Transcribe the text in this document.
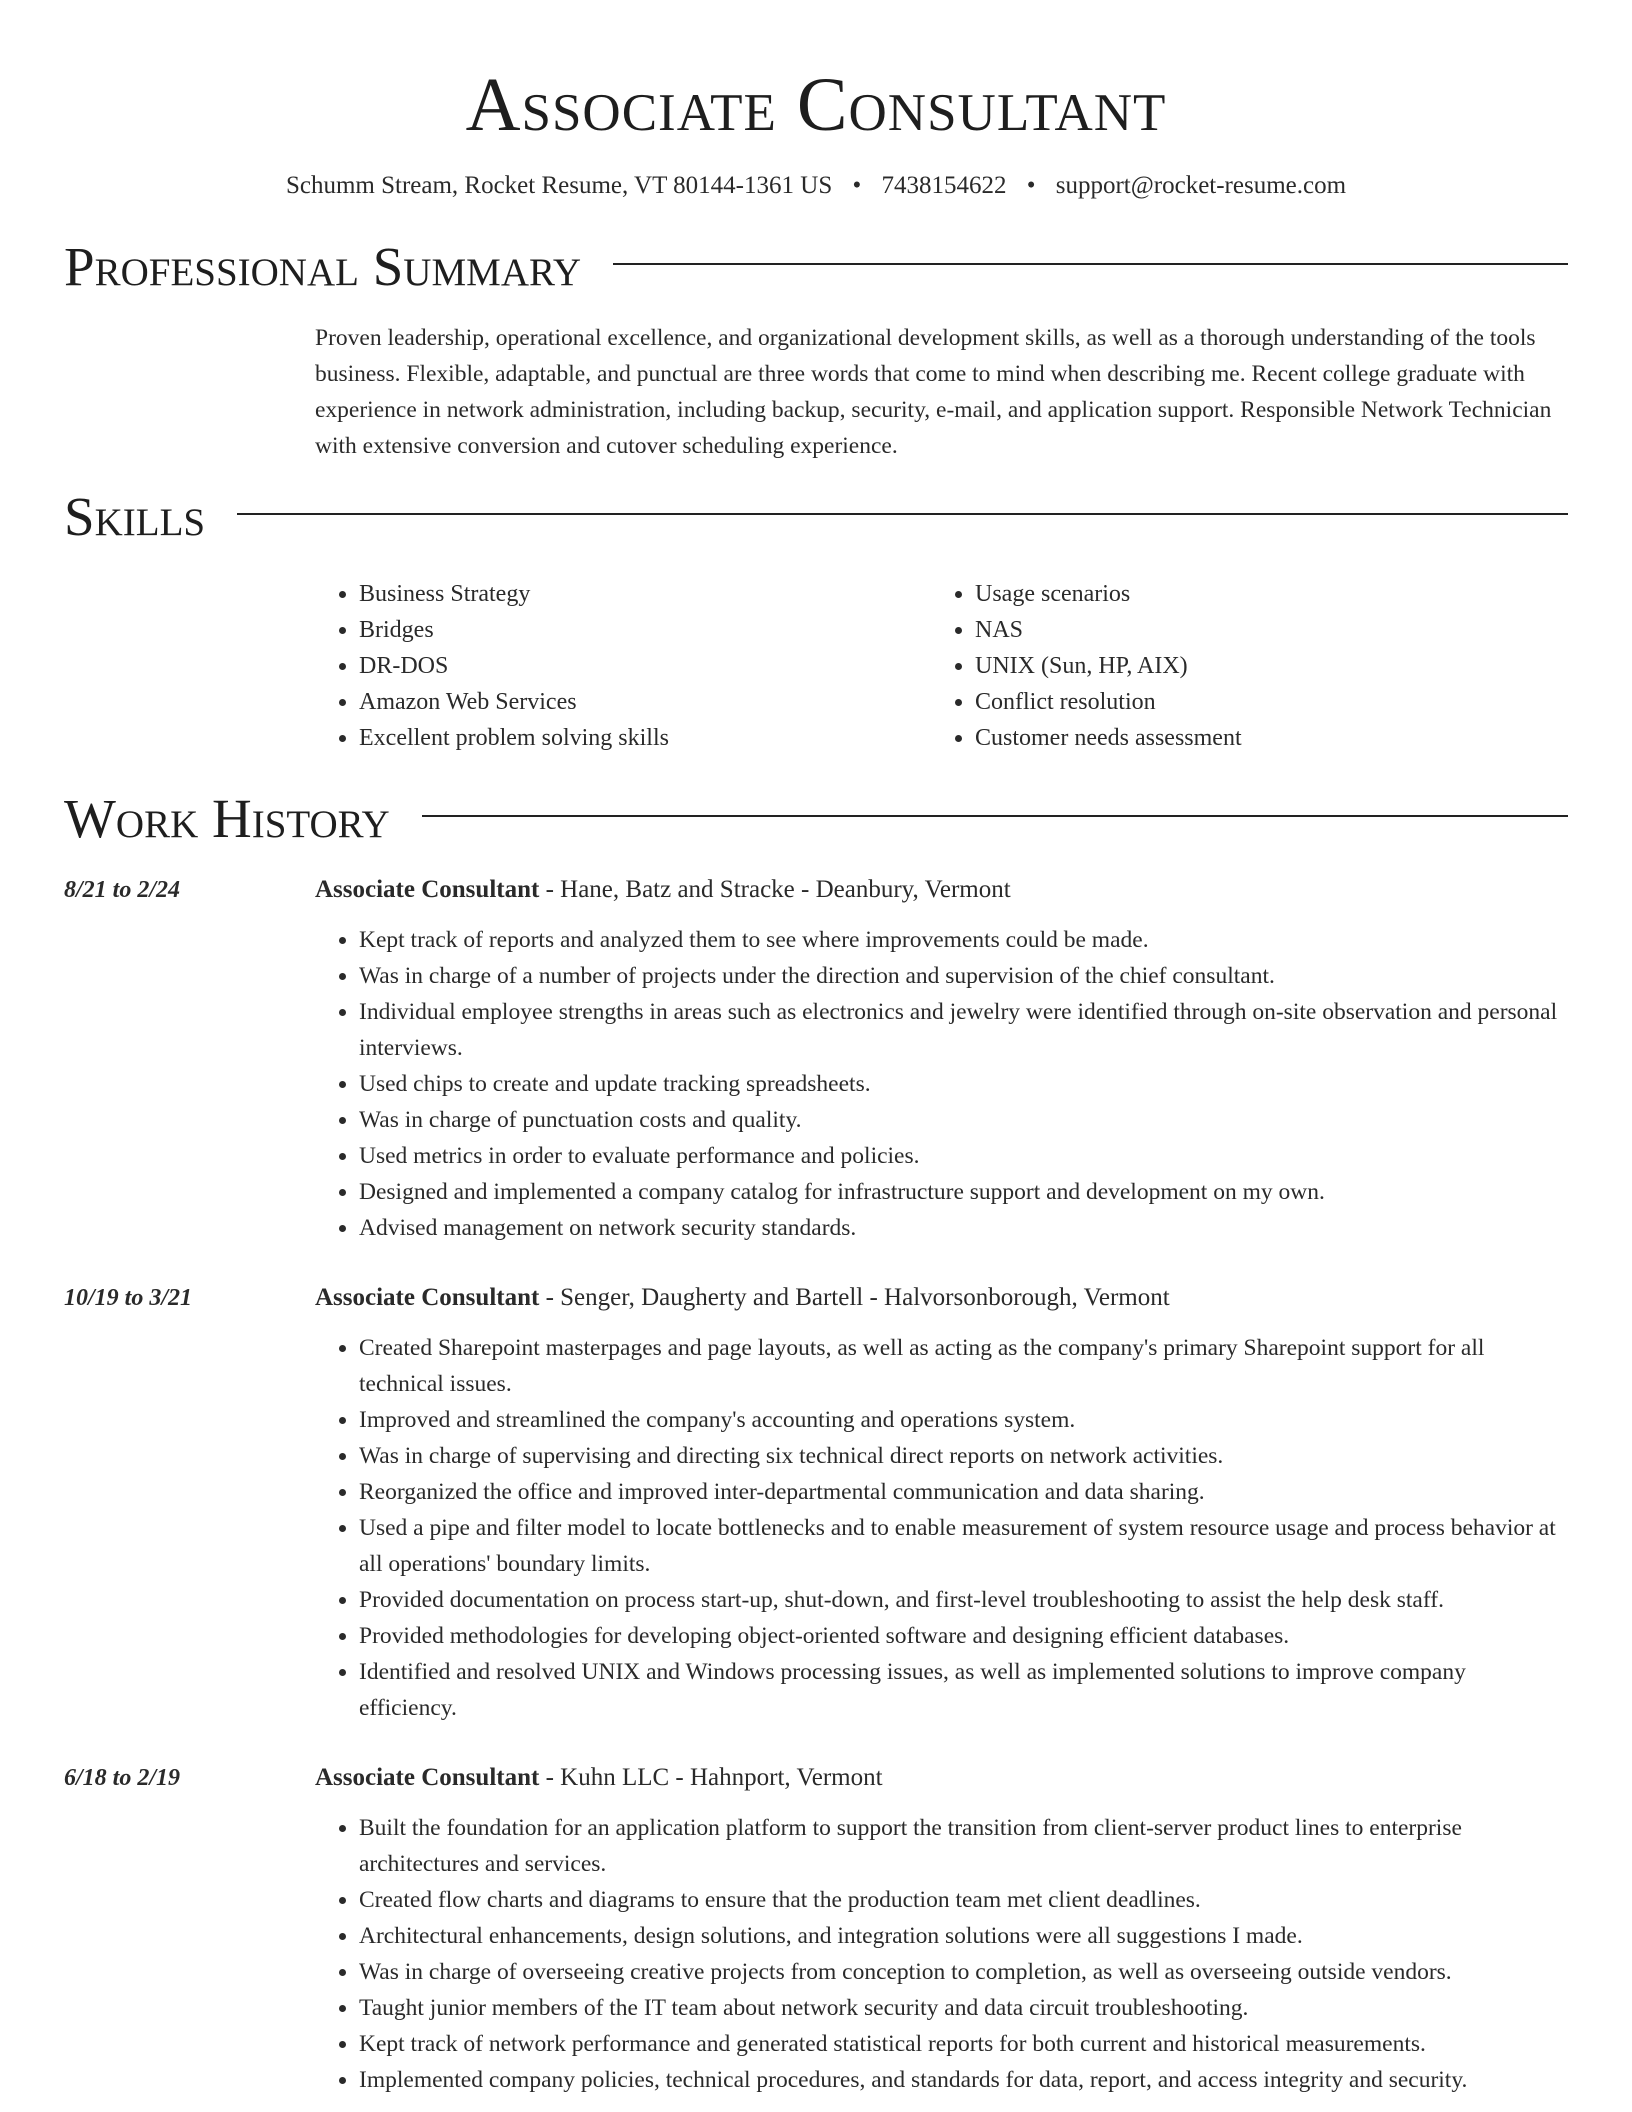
Associate Consultant
Schumm Stream, Rocket Resume, VT 80144-1361 US • 7438154622 • support@rocket-resume.com
Professional Summary
Proven leadership, operational excellence, and organizational development skills, as well as a thorough understanding of the tools business. Flexible, adaptable, and punctual are three words that come to mind when describing me. Recent college graduate with experience in network administration, including backup, security, e-mail, and application support. Responsible Network Technician with extensive conversion and cutover scheduling experience.
Skills
• Business Strategy
• Bridges
• DR-DOS
• Amazon Web Services
• Excellent problem solving skills
• Usage scenarios
• NAS
• UNIX (Sun, HP, AIX)
• Conflict resolution
• Customer needs assessment
Work History
8/21 to 2/24	Associate Consultant - Hane, Batz and Stracke - Deanbury, Vermont
• Kept track of reports and analyzed them to see where improvements could be made.
• Was in charge of a number of projects under the direction and supervision of the chief consultant.
• Individual employee strengths in areas such as electronics and jewelry were identified through on-site observation and personal interviews.
• Used chips to create and update tracking spreadsheets.
• Was in charge of punctuation costs and quality.
• Used metrics in order to evaluate performance and policies.
• Designed and implemented a company catalog for infrastructure support and development on my own.
• Advised management on network security standards.
10/19 to 3/21	Associate Consultant - Senger, Daugherty and Bartell - Halvorsonborough, Vermont
• Created Sharepoint masterpages and page layouts, as well as acting as the company's primary Sharepoint support for all technical issues.
• Improved and streamlined the company's accounting and operations system.
• Was in charge of supervising and directing six technical direct reports on network activities.
• Reorganized the office and improved inter-departmental communication and data sharing.
• Used a pipe and filter model to locate bottlenecks and to enable measurement of system resource usage and process behavior at all operations' boundary limits.
• Provided documentation on process start-up, shut-down, and first-level troubleshooting to assist the help desk staff.
• Provided methodologies for developing object-oriented software and designing efficient databases.
• Identified and resolved UNIX and Windows processing issues, as well as implemented solutions to improve company efficiency.
6/18 to 2/19	Associate Consultant - Kuhn LLC - Hahnport, Vermont
• Built the foundation for an application platform to support the transition from client-server product lines to enterprise architectures and services.
• Created flow charts and diagrams to ensure that the production team met client deadlines.
• Architectural enhancements, design solutions, and integration solutions were all suggestions I made.
• Was in charge of overseeing creative projects from conception to completion, as well as overseeing outside vendors.
• Taught junior members of the IT team about network security and data circuit troubleshooting.
• Kept track of network performance and generated statistical reports for both current and historical measurements.
• Implemented company policies, technical procedures, and standards for data, report, and access integrity and security.
